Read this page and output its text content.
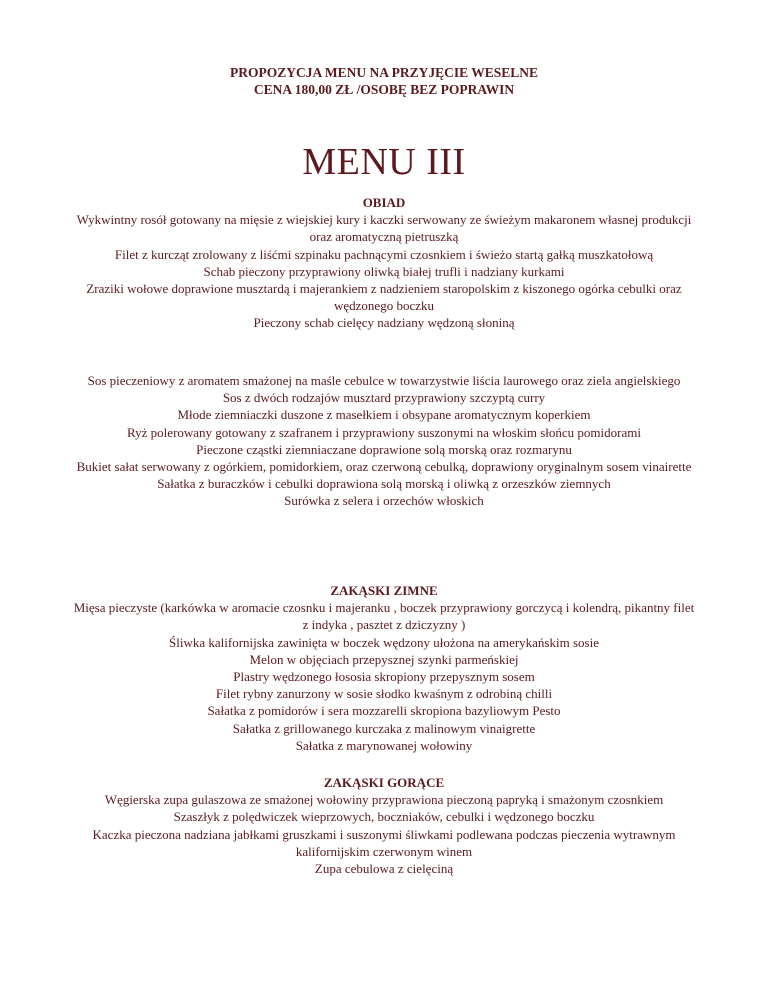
PROPOZYCJA MENU NA PRZYJĘCIE WESELNE
CENA 180,00 ZŁ /OSOBĘ BEZ POPRAWIN
MENU III
OBIAD
Wykwintny rosół gotowany na mięsie z wiejskiej kury i kaczki serwowany ze świeżym makaronem własnej produkcji oraz aromatyczną pietruszką
Filet z kurcząt zrolowany z liśćmi szpinaku pachnącymi czosnkiem i świeżo startą gałką muszkatołową
Schab pieczony przyprawiony oliwką białej trufli i nadziany kurkami
Zraziki wołowe doprawione musztardą i majerankiem z nadzieniem staropolskim z kiszonego ogórka cebulki oraz wędzonego boczku
Pieczony schab cielęcy nadziany wędzoną słoniną
Sos pieczeniowy z aromatem smażonej na maśle cebulce w towarzystwie liścia laurowego oraz ziela angielskiego
Sos z dwóch rodzajów musztard przyprawiony szczyptą curry
Młode ziemniaczki duszone z masełkiem i obsypane aromatycznym koperkiem
Ryż polerowany gotowany z szafranem i przyprawiony suszonymi na włoskim słońcu pomidorami
Pieczone cząstki ziemniaczane doprawione solą morską oraz rozmarynu
Bukiet sałat serwowany z ogórkiem, pomidorkiem, oraz czerwoną cebulką, doprawiony oryginalnym sosem vinairette
Sałatka z buraczków i cebulki doprawiona solą morską i oliwką z orzeszków ziemnych
Surówka z selera i orzechów włoskich
ZAKĄSKI ZIMNE
Mięsa pieczyste (karkówka w aromacie czosnku i majeranku , boczek przyprawiony gorczycą i kolendrą, pikantny filet z indyka , pasztet z dziczyzny )
Śliwka kalifornijska zawinięta w boczek wędzony ułożona na amerykańskim sosie
Melon w objęciach przepysznej szynki parmeńskiej
Plastry wędzonego łososia skropiony przepysznym sosem
Filet rybny zanurzony w sosie słodko kwaśnym z odrobiną chilli
Sałatka z pomidorów i sera mozzarelli skropiona bazyliowym Pesto
Sałatka z grillowanego kurczaka z malinowym vinaigrette
Sałatka z marynowanej wołowiny
ZAKĄSKI GORĄCE
Węgierska zupa gulaszowa ze smażonej wołowiny przyprawiona pieczoną papryką i smażonym czosnkiem
Szaszłyk z polędwiczek wieprzowych, boczniaków, cebulki i wędzonego boczku
Kaczka pieczona nadziana jabłkami gruszkami i suszonymi śliwkami podlewana podczas pieczenia wytrawnym kalifornijskim czerwonym winem
Zupa cebulowa z cielęciną
